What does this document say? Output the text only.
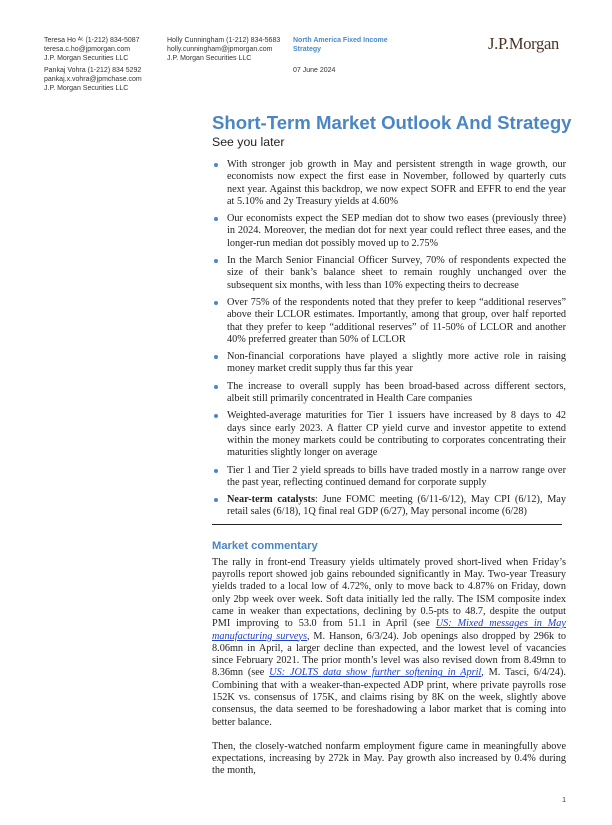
Teresa Ho ᴬᶜ (1-212) 834-5087
teresa.c.ho@jpmorgan.com
J.P. Morgan Securities LLC
Pankaj Vohra (1-212) 834 5292
pankaj.x.vohra@jpmchase.com
J.P. Morgan Securities LLC
Holly Cunningham (1-212) 834-5683
holly.cunningham@jpmorgan.com
J.P. Morgan Securities LLC
North America Fixed Income
Strategy
07 June 2024
J.P.Morgan
Short-Term Market Outlook And Strategy
See you later
With stronger job growth in May and persistent strength in wage growth, our economists now expect the first ease in November, followed by quarterly cuts next year. Against this backdrop, we now expect SOFR and EFFR to end the year at 5.10% and 2y Treasury yields at 4.60%
Our economists expect the SEP median dot to show two eases (previously three) in 2024. Moreover, the median dot for next year could reflect three eases, and the longer-run median dot possibly moved up to 2.75%
In the March Senior Financial Officer Survey, 70% of respondents expected the size of their bank’s balance sheet to remain roughly unchanged over the subsequent six months, with less than 10% expecting theirs to decrease
Over 75% of the respondents noted that they prefer to keep “additional reserves” above their LCLOR estimates. Importantly, among that group, over half reported that they prefer to keep “additional reserves” of 11-50% of LCLOR and another 40% preferred greater than 50% of LCLOR
Non-financial corporations have played a slightly more active role in raising money market credit supply thus far this year
The increase to overall supply has been broad-based across different sectors, albeit still primarily concentrated in Health Care companies
Weighted-average maturities for Tier 1 issuers have increased by 8 days to 42 days since early 2023. A flatter CP yield curve and investor appetite to extend within the money markets could be contributing to corporates concentrating their maturities slightly longer on average
Tier 1 and Tier 2 yield spreads to bills have traded mostly in a narrow range over the past year, reflecting continued demand for corporate supply
Near-term catalysts: June FOMC meeting (6/11-6/12), May CPI (6/12), May retail sales (6/18), 1Q final real GDP (6/27), May personal income (6/28)
Market commentary

The rally in front-end Treasury yields ultimately proved short-lived when Friday’s payrolls report showed job gains rebounded significantly in May. Two-year Treasury yields traded to a local low of 4.72%, only to move back to 4.87% on Friday, down only 2bp week over week. Soft data initially led the rally. The ISM composite index came in weaker than expectations, declining by 0.5-pts to 48.7, despite the output PMI improving to 53.0 from 51.1 in April (see US: Mixed messages in May manufacturing surveys, M. Hanson, 6/3/24). Job openings also dropped by 296k to 8.06mn in April, a larger decline than expected, and the lowest level of vacancies since February 2021. The prior month’s level was also revised down from 8.49mn to 8.36mn (see US: JOLTS data show further softening in April, M. Tasci, 6/4/24). Combining that with a weaker-than-expected ADP print, where private payrolls rose 152K vs. consensus of 175K, and claims rising by 8K on the week, slightly above consensus, the data seemed to be foreshadowing a labor market that is coming into better balance.

Then, the closely-watched nonfarm employment figure came in meaningfully above expectations, increasing by 272k in May. Pay growth also increased by 0.4% during the month,

1
